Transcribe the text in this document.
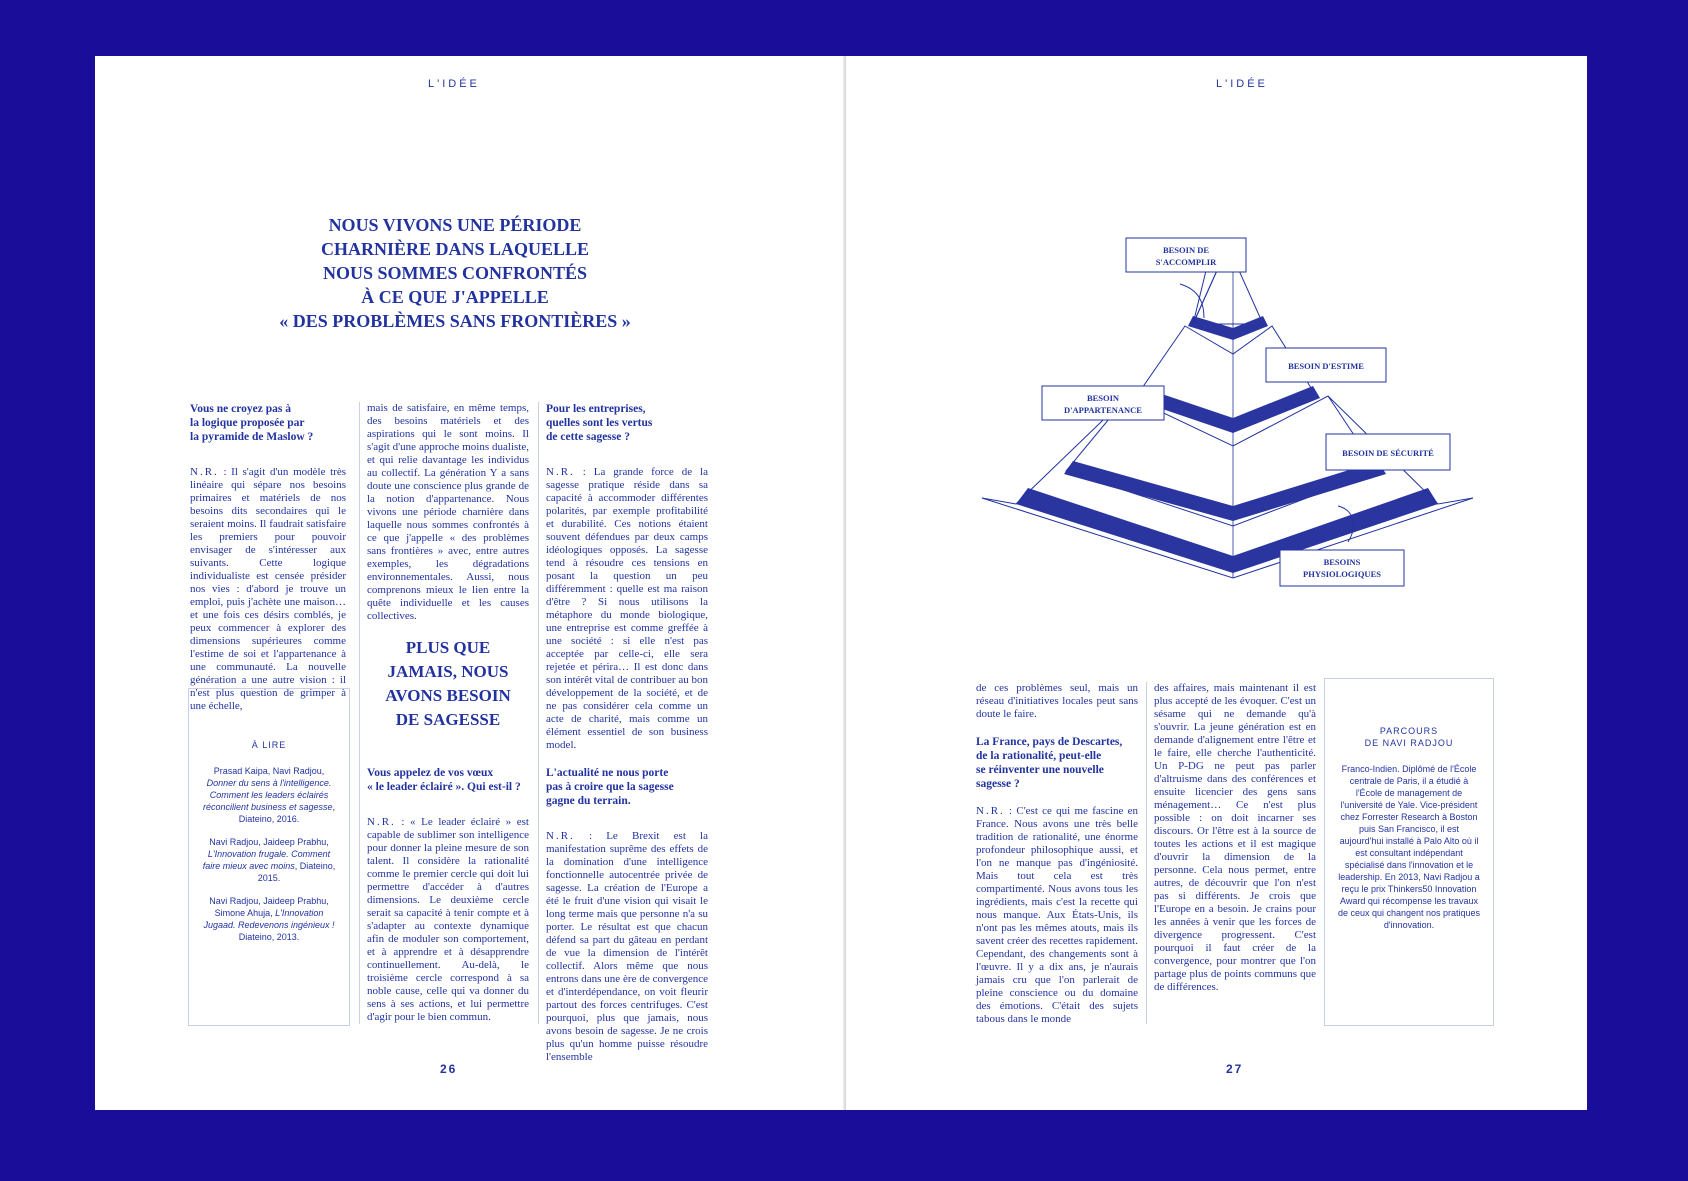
L'IDÉE
NOUS VIVONS UNE PÉRIODE
CHARNIÈRE DANS LAQUELLE
NOUS SOMMES CONFRONTÉS
À CE QUE J'APPELLE
« DES PROBLÈMES SANS FRONTIÈRES »
Vous ne croyez pas à
la logique proposée par
la pyramide de Maslow ?

N.R. : Il s'agit d'un modèle très linéaire qui sépare nos besoins primaires et matériels de nos besoins dits secondaires qui le seraient moins. Il faudrait satisfaire les premiers pour pouvoir envisager de s'intéresser aux suivants. Cette logique individualiste est censée présider nos vies : d'abord je trouve un emploi, puis j'achète une maison… et une fois ces désirs comblés, je peux commencer à explorer des dimensions supérieures comme l'estime de soi et l'appartenance à une communauté. La nouvelle génération a une autre vision : il n'est plus question de grimper à une échelle,

À LIRE
Prasad Kaipa, Navi Radjou, Donner du sens à l'intelligence. Comment les leaders éclairés réconcilient business et sagesse, Diateino, 2016.
Navi Radjou, Jaideep Prabhu, L'Innovation frugale. Comment faire mieux avec moins, Diateino, 2015.
Navi Radjou, Jaideep Prabhu, Simone Ahuja, L'Innovation Jugaad. Redevenons ingénieux ! Diateino, 2013.

mais de satisfaire, en même temps, des besoins matériels et des aspirations qui le sont moins. Il s'agit d'une approche moins dualiste, et qui relie davantage les individus au collectif. La génération Y a sans doute une conscience plus grande de la notion d'appartenance. Nous vivons une période charnière dans laquelle nous sommes confrontés à ce que j'appelle « des problèmes sans frontières » avec, entre autres exemples, les dégradations environnementales. Aussi, nous comprenons mieux le lien entre la quête individuelle et les causes collectives.

PLUS QUE
JAMAIS, NOUS
AVONS BESOIN
DE SAGESSE
Vous appelez de vos vœux
« le leader éclairé ». Qui est-il ?

N.R. : « Le leader éclairé » est capable de sublimer son intelligence pour donner la pleine mesure de son talent. Il considère la rationalité comme le premier cercle qui doit lui permettre d'accéder à d'autres dimensions. Le deuxième cercle serait sa capacité à tenir compte et à s'adapter au contexte dynamique afin de moduler son comportement, et à apprendre et à désapprendre continuellement. Au-delà, le troisième cercle correspond à sa noble cause, celle qui va donner du sens à ses actions, et lui permettre d'agir pour le bien commun.

Pour les entreprises,
quelles sont les vertus
de cette sagesse ?

N.R. : La grande force de la sagesse pratique réside dans sa capacité à accommoder différentes polarités, par exemple profitabilité et durabilité. Ces notions étaient souvent défendues par deux camps idéologiques opposés. La sagesse tend à résoudre ces tensions en posant la question un peu différemment : quelle est ma raison d'être ? Si nous utilisons la métaphore du monde biologique, une entreprise est comme greffée à une société : si elle n'est pas acceptée par celle-ci, elle sera rejetée et périra… Il est donc dans son intérêt vital de contribuer au bon développement de la société, et de ne pas considérer cela comme un acte de charité, mais comme un élément essentiel de son business model.

L'actualité ne nous porte
pas à croire que la sagesse
gagne du terrain.

N.R. : Le Brexit est la manifestation suprême des effets de la domination d'une intelligence fonctionnelle autocentrée privée de sagesse. La création de l'Europe a été le fruit d'une vision qui visait le long terme mais que personne n'a su porter. Le résultat est que chacun défend sa part du gâteau en perdant de vue la dimension de l'intérêt collectif. Alors même que nous entrons dans une ère de convergence et d'interdépendance, on voit fleurir partout des forces centrifuges. C'est pourquoi, plus que jamais, nous avons besoin de sagesse. Je ne crois plus qu'un homme puisse résoudre l'ensemble

26
L'IDÉE
BESOIN DE
S'ACCOMPLIR
BESOIN D'ESTIME
BESOIN
D'APPARTENANCE
BESOIN DE SÉCURITÉ
BESOINS
PHYSIOLOGIQUES

de ces problèmes seul, mais un réseau d'initiatives locales peut sans doute le faire.

La France, pays de Descartes,
de la rationalité, peut-elle
se réinventer une nouvelle
sagesse ?

N.R. : C'est ce qui me fascine en France. Nous avons une très belle tradition de rationalité, une énorme profondeur philosophique aussi, et l'on ne manque pas d'ingéniosité. Mais tout cela est très compartimenté. Nous avons tous les ingrédients, mais c'est la recette qui nous manque. Aux États-Unis, ils n'ont pas les mêmes atouts, mais ils savent créer des recettes rapidement. Cependant, des changements sont à l'œuvre. Il y a dix ans, je n'aurais jamais cru que l'on parlerait de pleine conscience ou du domaine des émotions. C'était des sujets tabous dans le monde

des affaires, mais maintenant il est plus accepté de les évoquer. C'est un sésame qui ne demande qu'à s'ouvrir. La jeune génération est en demande d'alignement entre l'être et le faire, elle cherche l'authenticité. Un P-DG ne peut pas parler d'altruisme dans des conférences et ensuite licencier des gens sans ménagement… Ce n'est plus possible : on doit incarner ses discours. Or l'être est à la source de toutes les actions et il est magique d'ouvrir la dimension de la personne. Cela nous permet, entre autres, de découvrir que l'on n'est pas si différents. Je crois que l'Europe en a besoin. Je crains pour les années à venir que les forces de divergence progressent. C'est pourquoi il faut créer de la convergence, pour montrer que l'on partage plus de points communs que de différences.

PARCOURS
DE NAVI RADJOU
Franco-Indien. Diplômé de l'École centrale de Paris, il a étudié à l'École de management de l'université de Yale. Vice-président chez Forrester Research à Boston puis San Francisco, il est aujourd'hui installé à Palo Alto où il est consultant indépendant spécialisé dans l'innovation et le leadership. En 2013, Navi Radjou a reçu le prix Thinkers50 Innovation Award qui récompense les travaux de ceux qui changent nos pratiques d'innovation.
27
